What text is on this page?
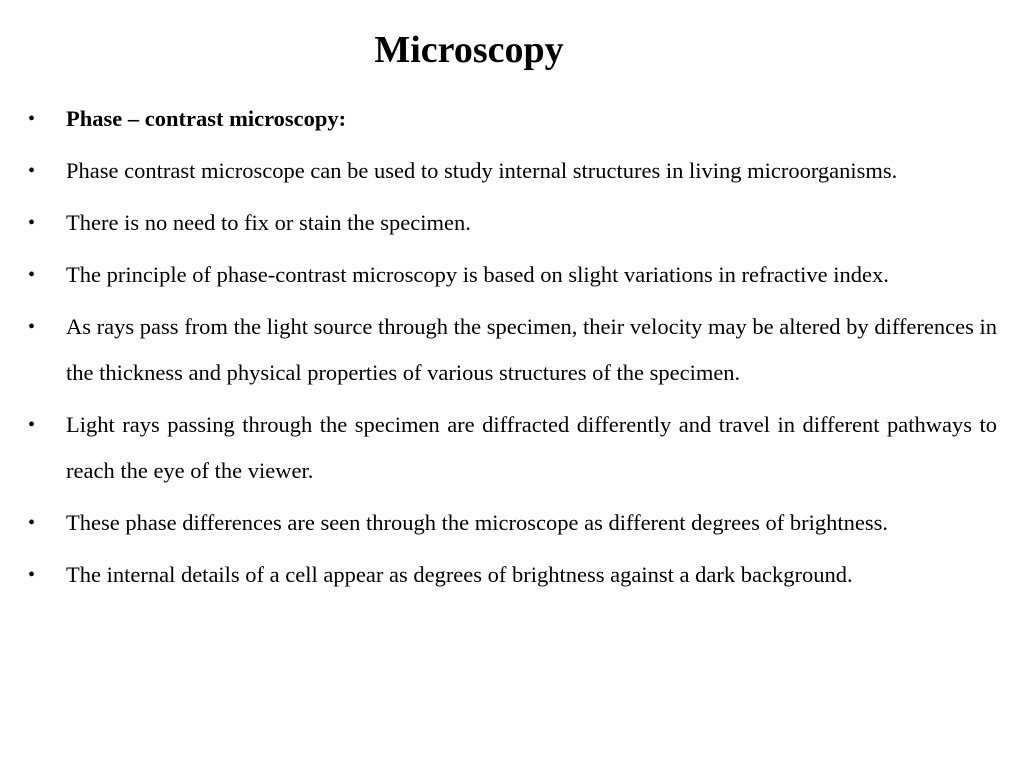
Microscopy
• Phase – contrast microscopy:
• Phase contrast microscope can be used to study internal structures in living microorganisms.
• There is no need to fix or stain the specimen.
• The principle of phase-contrast microscopy is based on slight variations in refractive index.
• As rays pass from the light source through the specimen, their velocity may be altered by differences in the thickness and physical properties of various structures of the specimen.
• Light rays passing through the specimen are diffracted differently and travel in different pathways to reach the eye of the viewer.
• These phase differences are seen through the microscope as different degrees of brightness.
• The internal details of a cell appear as degrees of brightness against a dark background.
